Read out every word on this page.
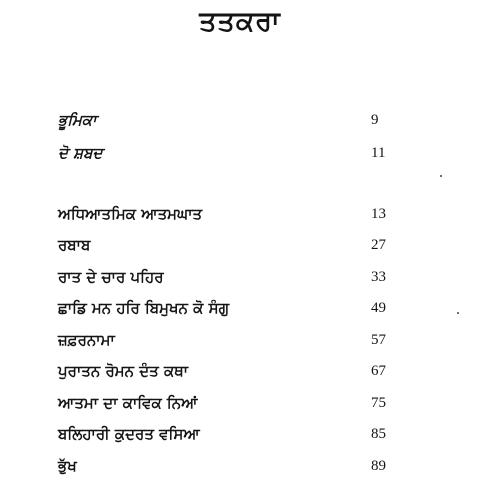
ਤਤਕਰਾ
ਭੂਮਿਕਾ	9
ਦੋ ਸ਼ਬਦ	11
ਅਧਿਆਤਮਿਕ ਆਤਮਘਾਤ	13
ਰਬਾਬ	27
ਰਾਤ ਦੇ ਚਾਰ ਪਹਿਰ	33
ਛਾਡਿ ਮਨ ਹਰਿ ਬਿਮੁਖਨ ਕੋ ਸੰਗੁ	49
ਜ਼ਫ਼ਰਨਾਮਾ	57
ਪੁਰਾਤਨ ਰੋਮਨ ਦੰਤ ਕਥਾ	67
ਆਤਮਾ ਦਾ ਕਾਵਿਕ ਨਿਆਂ	75
ਬਲਿਹਾਰੀ ਕੁਦਰਤ ਵਸਿਆ	85
ਭੁੱਖ	89
